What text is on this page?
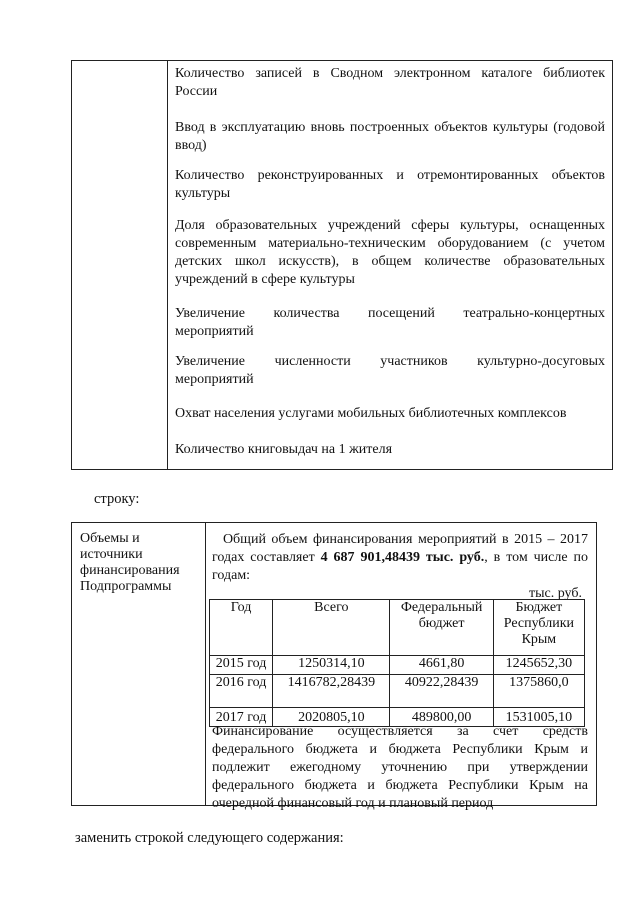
Количество записей в Сводном электронном каталоге библиотек России
Ввод в эксплуатацию вновь построенных объектов культуры (годовой ввод)
Количество реконструированных и отремонтированных объектов культуры
Доля образовательных учреждений сферы культуры, оснащенных современным материально-техническим оборудованием (с учетом детских школ искусств), в общем количестве образовательных учреждений в сфере культуры
Увеличение количества посещений театрально-концертных мероприятий
Увеличение численности участников культурно-досуговых мероприятий
Охват населения услугами мобильных библиотечных комплексов
Количество книговыдач на 1 жителя
строку:
Объемы и источники финансирования Подпрограммы
Общий объем финансирования мероприятий в 2015 – 2017 годах составляет 4 687 901,48439 тыс. руб., в том числе по годам:
тыс. руб.
Год	Всего	Федеральный бюджет	Бюджет Республики Крым
2015 год	1250314,10	4661,80	1245652,30
2016 год	1416782,28439	40922,28439	1375860,0
2017 год	2020805,10	489800,00	1531005,10
Финансирование осуществляется за счет средств федерального бюджета и бюджета Республики Крым и подлежит ежегодному уточнению при утверждении федерального бюджета и бюджета Республики Крым на очередной финансовый год и плановый период
заменить строкой следующего содержания:
